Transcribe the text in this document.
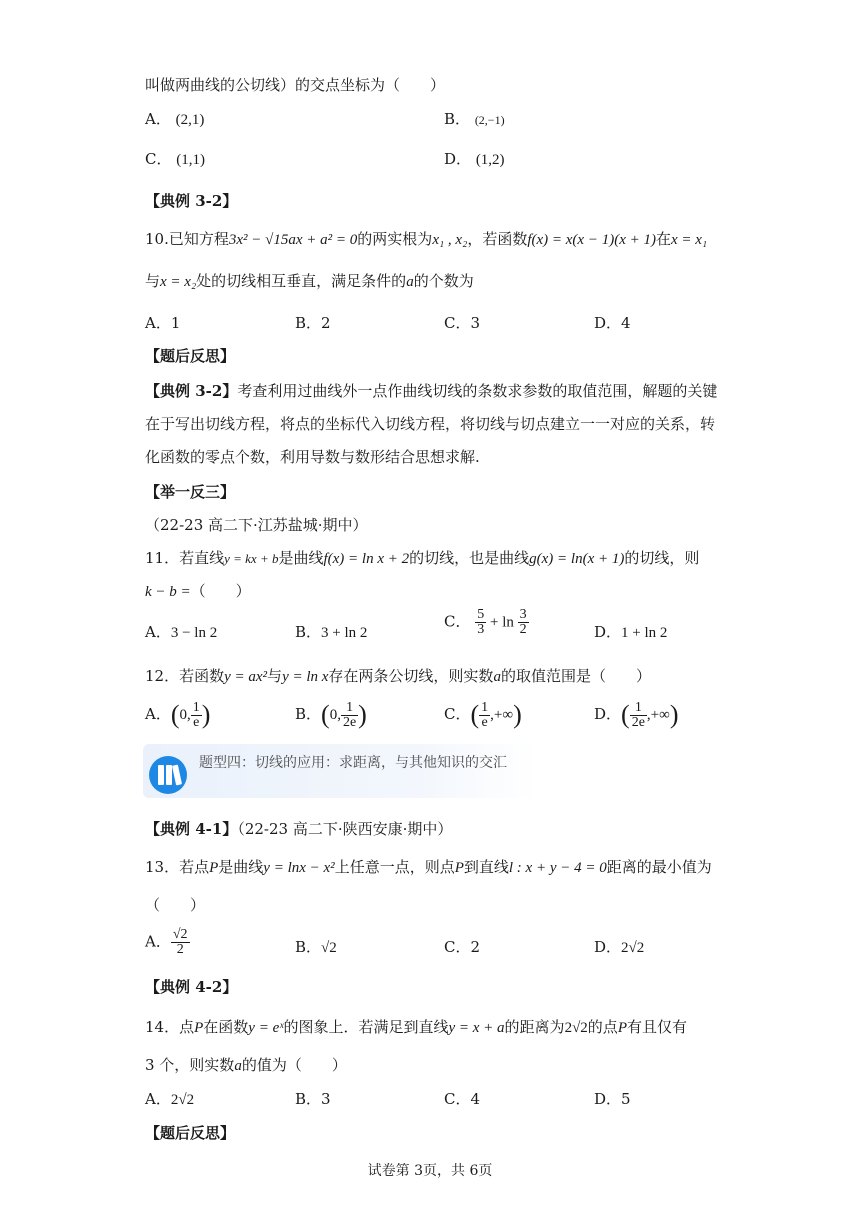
叫做两曲线的公切线）的交点坐标为（　　）
A． (2,1)	B． (2,−1)
C． (1,1)	D． (1,2)
【典例 3-2】
10.已知方程3x² − √15ax + a² = 0的两实根为x₁ , x₂，若函数f(x) = x(x − 1)(x + 1)在x = x₁
与x = x₂处的切线相互垂直，满足条件的a的个数为
A．1	B．2	C．3	D．4
【题后反思】
【典例 3-2】考查利用过曲线外一点作曲线切线的条数求参数的取值范围，解题的关键
在于写出切线方程，将点的坐标代入切线方程，将切线与切点建立一一对应的关系，转
化函数的零点个数，利用导数与数形结合思想求解.
【举一反三】
（22-23 高二下·江苏盐城·期中）
11．若直线y = kx + b是曲线f(x) = ln x + 2的切线，也是曲线g(x) = ln(x + 1)的切线，则
k − b =（　　）
A．3 − ln 2	B．3 + ln 2
C． $\frac{5}{3} + \ln \frac{3}{2}$	D．1 + ln 2
12．若函数y = ax²与y = ln x存在两条公切线，则实数a的取值范围是（　　）
A．(0, $\frac{1}{e}$ )	B．(0, $\frac{1}{2e}$ )	C．( $\frac{1}{e}$ ,+∞)	D．( $\frac{1}{2e}$ ,+∞)
题型四：切线的应用：求距离，与其他知识的交汇
【典例 4-1】（22-23 高二下·陕西安康·期中）
13．若点P是曲线y = lnx − x²上任意一点，则点P到直线l : x + y − 4 = 0距离的最小值为
（　　）
A． $\frac{√2}{2}$	B．√2	C．2	D．2√2
【典例 4-2】
14．点P在函数y = eˣ的图象上．若满足到直线y = x + a的距离为2√2的点P有且仅有
3 个，则实数a的值为（　　）
A．2√2	B．3	C．4	D．5
【题后反思】
试卷第 3页，共 6页
